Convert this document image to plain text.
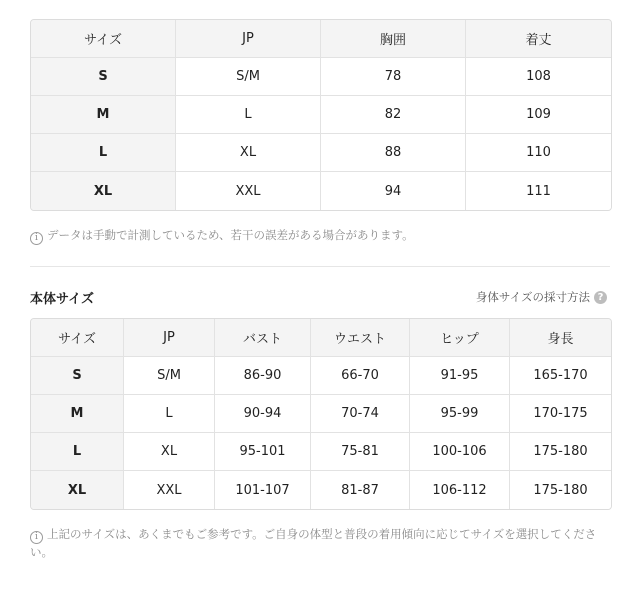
サイズ	JP	胸囲	着丈
S	S/M	78	108
M	L	82	109
L	XL	88	110
XL	XXL	94	111
i データは手動で計測しているため、若干の誤差がある場合があります。
本体サイズ	身体サイズの採寸方法 ?
サイズ	JP	バスト	ウエスト	ヒップ	身長
S	S/M	86-90	66-70	91-95	165-170
M	L	90-94	70-74	95-99	170-175
L	XL	95-101	75-81	100-106	175-180
XL	XXL	101-107	81-87	106-112	175-180
i 上記のサイズは、あくまでもご参考です。ご自身の体型と普段の着用傾向に応じてサイズを選択してください。
